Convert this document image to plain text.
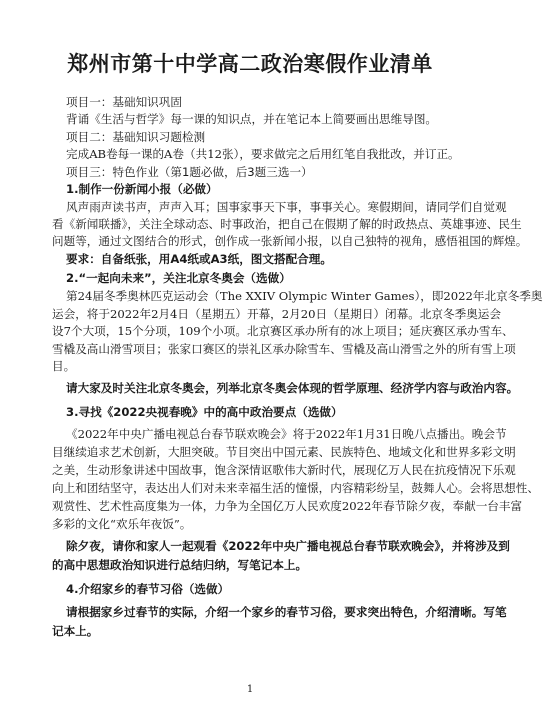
郑州市第十中学高二政治寒假作业清单
项目一：基础知识巩固
背诵《生活与哲学》每一课的知识点，并在笔记本上简要画出思维导图。
项目二：基础知识习题检测
完成AB卷每一课的A卷（共12张），要求做完之后用红笔自我批改，并订正。
项目三：特色作业（第1题必做，后3题三选一）
1.制作一份新闻小报（必做）
风声雨声读书声，声声入耳；国事家事天下事，事事关心。寒假期间，请同学们自觉观
看《新闻联播》，关注全球动态、时事政治，把自己在假期了解的时政热点、英雄事迹、民生
问题等，通过文图结合的形式，创作成一张新闻小报，以自己独特的视角，感悟祖国的辉煌。
要求：自备纸张，用A4纸或A3纸，图文搭配合理。
2.“一起向未来”，关注北京冬奥会（选做）
第24届冬季奥林匹克运动会（The XXIV Olympic Winter Games），即2022年北京冬季奥
运会，将于2022年2月4日（星期五）开幕，2月20日（星期日）闭幕。北京冬季奥运会
设7个大项，15个分项，109个小项。北京赛区承办所有的冰上项目；延庆赛区承办雪车、
雪橇及高山滑雪项目；张家口赛区的崇礼区承办除雪车、雪橇及高山滑雪之外的所有雪上项
目。
请大家及时关注北京冬奥会，列举北京冬奥会体现的哲学原理、经济学内容与政治内容。
3.寻找《2022央视春晚》中的高中政治要点（选做）
《2022年中央广播电视总台春节联欢晚会》将于2022年1月31日晚八点播出。晚会节
目继续追求艺术创新，大胆突破。节目突出中国元素、民族特色、地域文化和世界多彩文明
之美，生动形象讲述中国故事，饱含深情讴歌伟大新时代，展现亿万人民在抗疫情况下乐观
向上和团结坚守，表达出人们对未来幸福生活的憧憬，内容精彩纷呈，鼓舞人心。会将思想性、
观赏性、艺术性高度集为一体，力争为全国亿万人民欢度2022年春节除夕夜，奉献一台丰富
多彩的文化“欢乐年夜饭”。
除夕夜，请你和家人一起观看《2022年中央广播电视总台春节联欢晚会》，并将涉及到
的高中思想政治知识进行总结归纳，写笔记本上。
4.介绍家乡的春节习俗（选做）
请根据家乡过春节的实际，介绍一个家乡的春节习俗，要求突出特色，介绍清晰。写笔
记本上。
1
